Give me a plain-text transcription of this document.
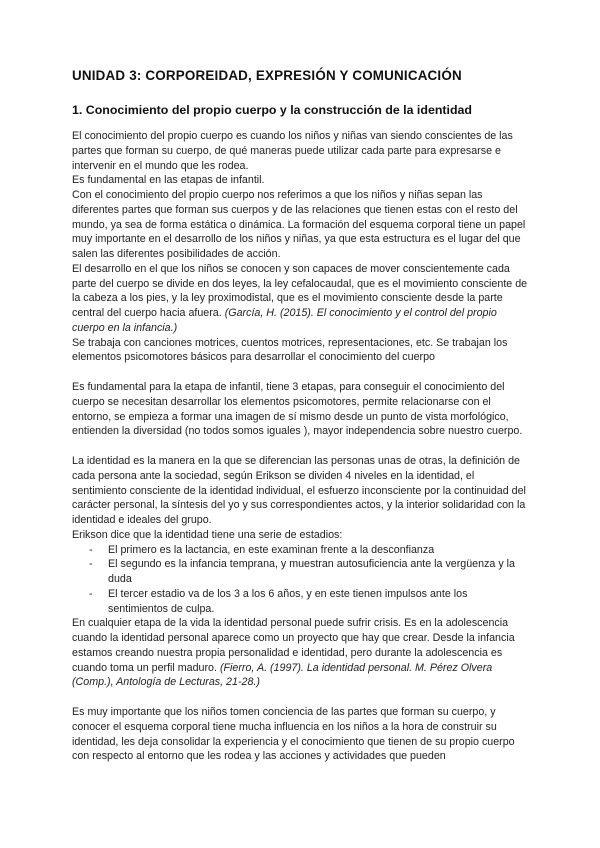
UNIDAD 3: CORPOREIDAD, EXPRESIÓN Y COMUNICACIÓN
1. Conocimiento del propio cuerpo y la construcción de la identidad

El conocimiento del propio cuerpo es cuando los niños y niñas van siendo conscientes de las partes que forman su cuerpo, de qué maneras puede utilizar cada parte para expresarse e intervenir en el mundo que les rodea.

Es fundamental en las etapas de infantil.

Con el conocimiento del propio cuerpo nos referimos a que los niños y niñas sepan las diferentes partes que forman sus cuerpos y de las relaciones que tienen estas con el resto del mundo, ya sea de forma estática o dinámica. La formación del esquema corporal tiene un papel muy importante en el desarrollo de los niños y niñas, ya que esta estructura es el lugar del que salen las diferentes posibilidades de acción.

El desarrollo en el que los niños se conocen y son capaces de mover conscientemente cada parte del cuerpo se divide en dos leyes, la ley cefalocaudal, que es el movimiento consciente de la cabeza a los pies, y la ley proximodistal, que es el movimiento consciente desde la parte central del cuerpo hacia afuera. (García, H. (2015). El conocimiento y el control del propio cuerpo en la infancia.)

Se trabaja con canciones motrices, cuentos motrices, representaciones, etc. Se trabajan los elementos psicomotores básicos para desarrollar el conocimiento del cuerpo

Es fundamental para la etapa de infantil, tiene 3 etapas, para conseguir el conocimiento del cuerpo se necesitan desarrollar los elementos psicomotores, permite relacionarse con el entorno, se empieza a formar una imagen de sí mismo desde un punto de vista morfológico, entienden la diversidad (no todos somos iguales ), mayor independencia sobre nuestro cuerpo.

La identidad es la manera en la que se diferencian las personas unas de otras, la definición de cada persona ante la sociedad, según Erikson se dividen 4 niveles en la identidad, el sentimiento consciente de la identidad individual, el esfuerzo inconsciente por la continuidad del carácter personal, la síntesis del yo y sus correspondientes actos, y la interior solidaridad con la identidad e ideales del grupo.

Erikson dice que la identidad tiene una serie de estadios:

- El primero es la lactancia, en este examinan frente a la desconfianza
- El segundo es la infancia temprana, y muestran autosuficiencia ante la vergüenza y la duda
- El tercer estadio va de los 3 a los 6 años, y en este tienen impulsos ante los sentimientos de culpa.

En cualquier etapa de la vida la identidad personal puede sufrir crisis. Es en la adolescencia cuando la identidad personal aparece como un proyecto que hay que crear. Desde la infancia estamos creando nuestra propia personalidad e identidad, pero durante la adolescencia es cuando toma un perfil maduro. (Fierro, A. (1997). La identidad personal. M. Pérez Olvera (Comp.), Antología de Lecturas, 21-28.)

Es muy importante que los niños tomen conciencia de las partes que forman su cuerpo, y conocer el esquema corporal tiene mucha influencia en los niños a la hora de construir su identidad, les deja consolidar la experiencia y el conocimiento que tienen de su propio cuerpo con respecto al entorno que les rodea y las acciones y actividades que pueden
